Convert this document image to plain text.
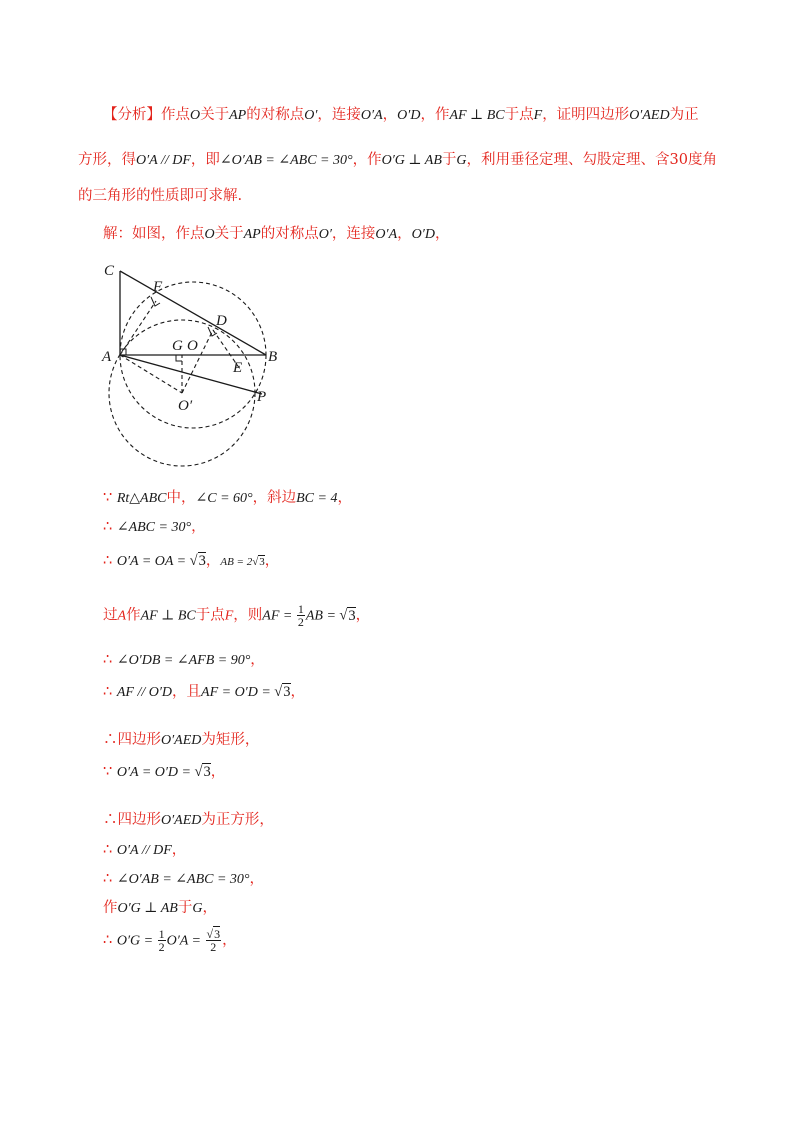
【分析】作点O关于AP的对称点O′，连接O′A，O′D，作AF ⊥ BC于点F，证明四边形O′AED为正
方形，得O′A // DF，即∠O′AB = ∠ABC = 30°，作O′G ⊥ AB于G，利用垂径定理、勾股定理、含30度角
的三角形的性质即可求解.
解：如图，作点O关于AP的对称点O′，连接O′A，O′D，
C
F
D
A
G O
B
E
P
O′
∵ Rt△ABC中，∠C = 60°，斜边BC = 4，
∴ ∠ABC = 30°，
∴ O′A = OA = √3，AB = 2√3，
过A作AF ⊥ BC于点F，则AF = $\frac{1}{2}$ AB = √3，
∴ ∠O′DB = ∠AFB = 90°，
∴ AF // O′D，且AF = O′D = √3，
∴四边形O′AED为矩形，
∵ O′A = O′D = √3，
∴四边形O′AED为正方形，
∴ O′A // DF，
∴ ∠O′AB = ∠ABC = 30°，
作O′G ⊥ AB于G，
∴ $O'G = \frac{1}{2} O'A = \frac{√3}{2}$ ，
